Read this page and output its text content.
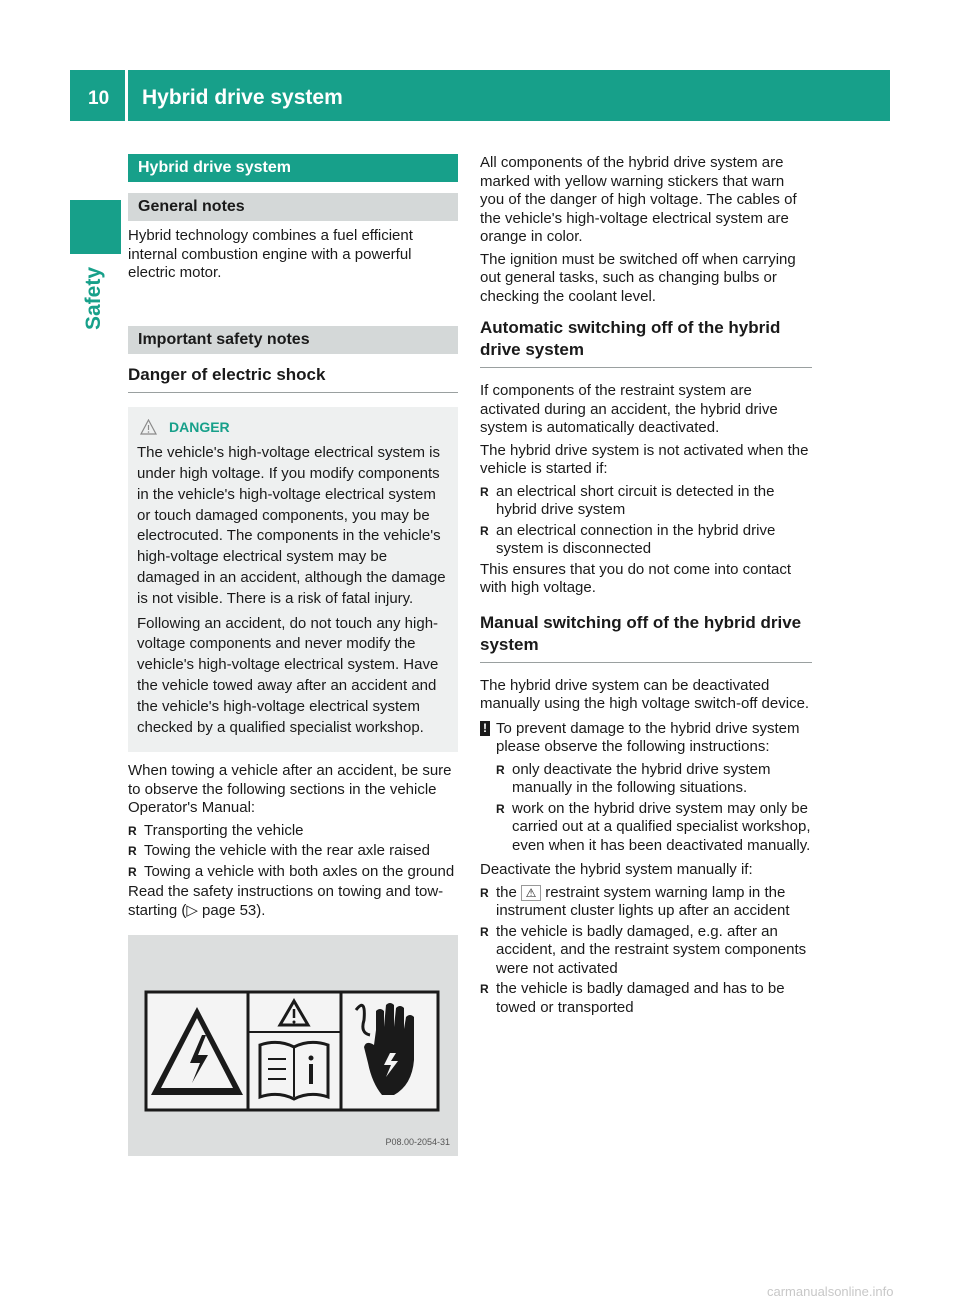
10 Hybrid drive system
Safety
Hybrid drive system
General notes

Hybrid technology combines a fuel efficient internal combustion engine with a powerful electric motor.

Important safety notes
Danger of electric shock
DANGER

The vehicle's high-voltage electrical system is under high voltage. If you modify components in the vehicle's high-voltage electrical system or touch damaged components, you may be electrocuted. The components in the vehicle's high-voltage electrical system may be damaged in an accident, although the damage is not visible. There is a risk of fatal injury.

Following an accident, do not touch any high-voltage components and never modify the vehicle's high-voltage electrical system. Have the vehicle towed away after an accident and the vehicle's high-voltage electrical system checked by a qualified specialist workshop.

When towing a vehicle after an accident, be sure to observe the following sections in the vehicle Operator's Manual:

R Transporting the vehicle
R Towing the vehicle with the rear axle raised
R Towing a vehicle with both axles on the ground

Read the safety instructions on towing and tow-starting (▷ page 53).

P08.00-2054-31

All components of the hybrid drive system are marked with yellow warning stickers that warn you of the danger of high voltage. The cables of the vehicle's high-voltage electrical system are orange in color.

The ignition must be switched off when carrying out general tasks, such as changing bulbs or checking the coolant level.

Automatic switching off of the hybrid drive system

If components of the restraint system are activated during an accident, the hybrid drive system is automatically deactivated.

The hybrid drive system is not activated when the vehicle is started if:

R an electrical short circuit is detected in the hybrid drive system
R an electrical connection in the hybrid drive system is disconnected

This ensures that you do not come into contact with high voltage.

Manual switching off of the hybrid drive system

The hybrid drive system can be deactivated manually using the high voltage switch-off device.

! To prevent damage to the hybrid drive system please observe the following instructions:

R only deactivate the hybrid drive system manually in the following situations.
R work on the hybrid drive system may only be carried out at a qualified specialist workshop, even when it has been deactivated manually.

Deactivate the hybrid system manually if:

R the ⚠ restraint system warning lamp in the instrument cluster lights up after an accident
R the vehicle is badly damaged, e.g. after an accident, and the restraint system components were not activated
R the vehicle is badly damaged and has to be towed or transported
carmanualsonline.info
